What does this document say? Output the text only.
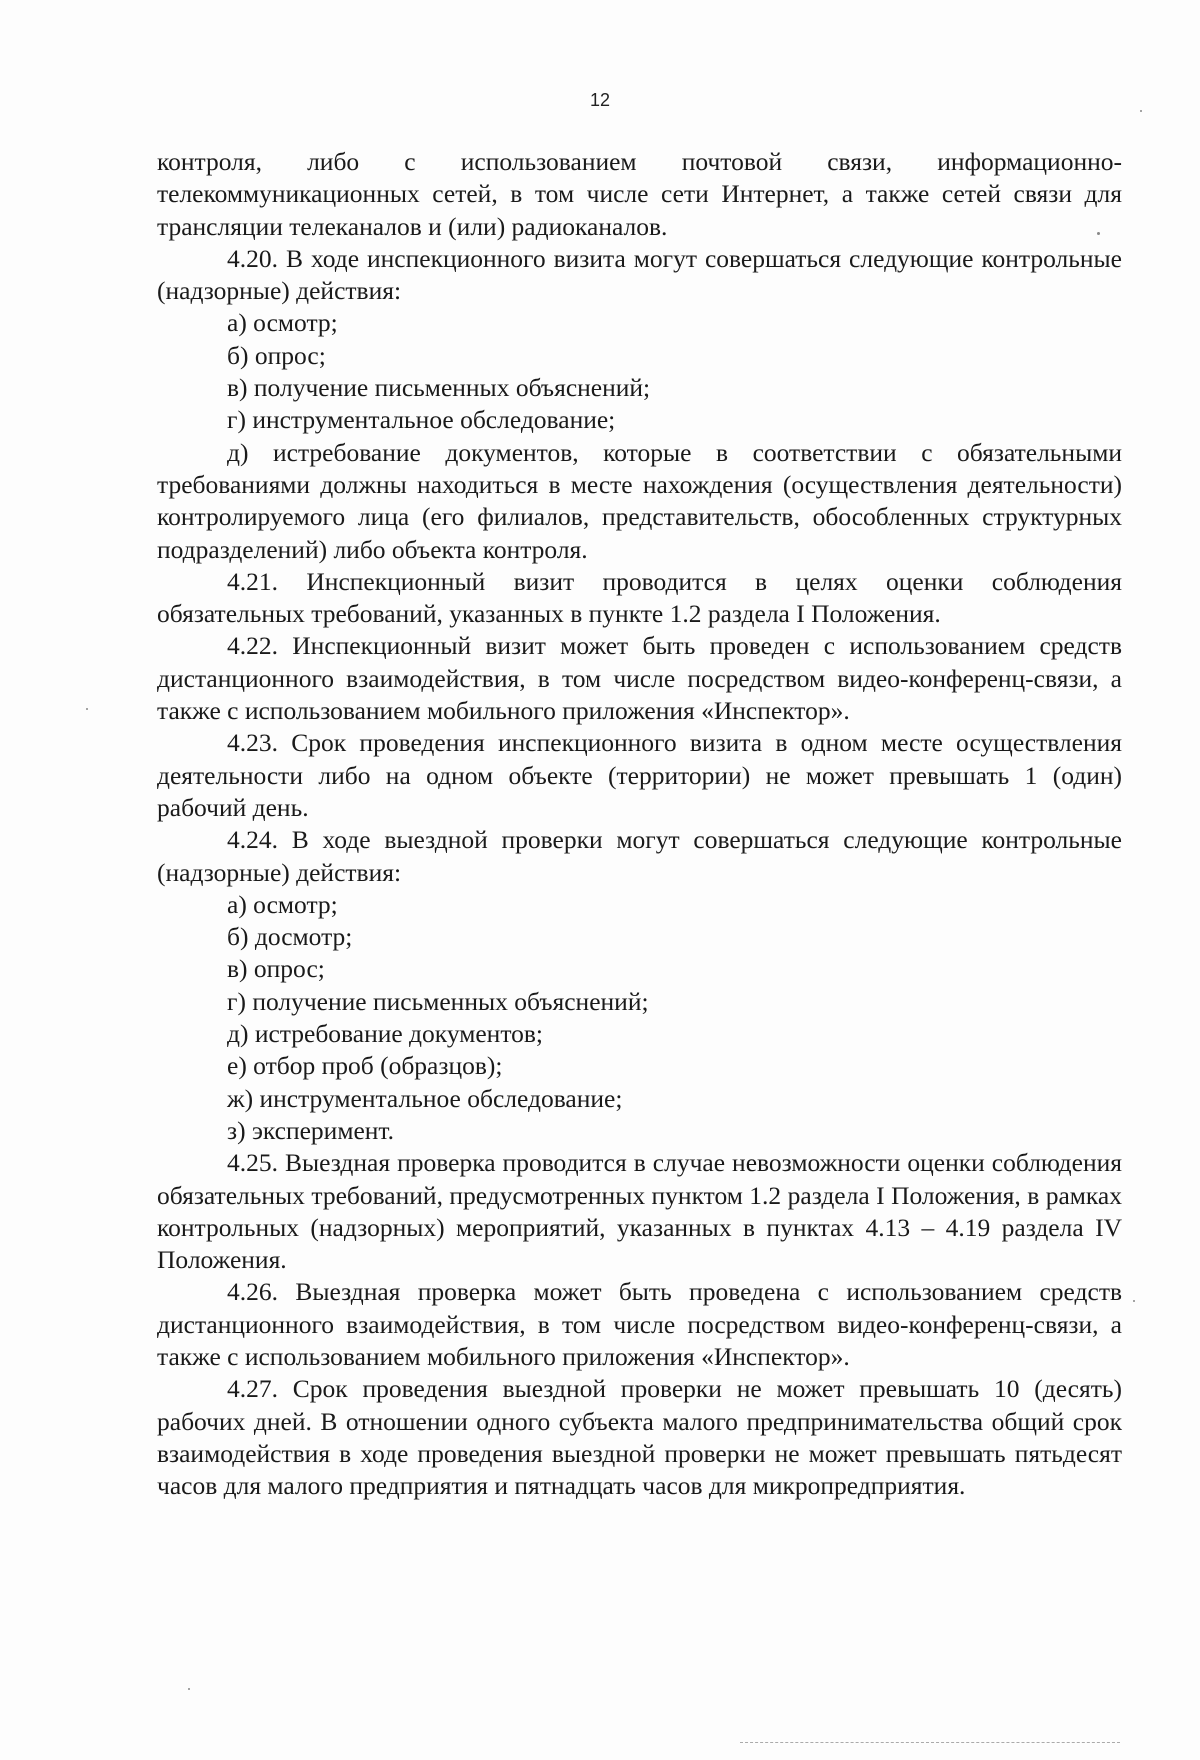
12

контроля, либо с использованием почтовой связи, информационно-телекоммуникационных сетей, в том числе сети Интернет, а также сетей связи для трансляции телеканалов и (или) радиоканалов.

4.20. В ходе инспекционного визита могут совершаться следующие контрольные (надзорные) действия:

а) осмотр;

б) опрос;

в) получение письменных объяснений;

г) инструментальное обследование;

д) истребование документов, которые в соответствии с обязательными требованиями должны находиться в месте нахождения (осуществления деятельности) контролируемого лица (его филиалов, представительств, обособленных структурных подразделений) либо объекта контроля.

4.21. Инспекционный визит проводится в целях оценки соблюдения обязательных требований, указанных в пункте 1.2 раздела I Положения.

4.22. Инспекционный визит может быть проведен с использованием средств дистанционного взаимодействия, в том числе посредством видео-конференц-связи, а также с использованием мобильного приложения «Инспектор».

4.23. Срок проведения инспекционного визита в одном месте осуществления деятельности либо на одном объекте (территории) не может превышать 1 (один) рабочий день.

4.24. В ходе выездной проверки могут совершаться следующие контрольные (надзорные) действия:

а) осмотр;

б) досмотр;

в) опрос;

г) получение письменных объяснений;

д) истребование документов;

е) отбор проб (образцов);

ж) инструментальное обследование;

з) эксперимент.

4.25. Выездная проверка проводится в случае невозможности оценки соблюдения обязательных требований, предусмотренных пунктом 1.2 раздела I Положения, в рамках контрольных (надзорных) мероприятий, указанных в пунктах 4.13 – 4.19 раздела IV Положения.

4.26. Выездная проверка может быть проведена с использованием средств дистанционного взаимодействия, в том числе посредством видео-конференц-связи, а также с использованием мобильного приложения «Инспектор».

4.27. Срок проведения выездной проверки не может превышать 10 (десять) рабочих дней. В отношении одного субъекта малого предпринимательства общий срок взаимодействия в ходе проведения выездной проверки не может превышать пятьдесят часов для малого предприятия и пятнадцать часов для микропредприятия.
